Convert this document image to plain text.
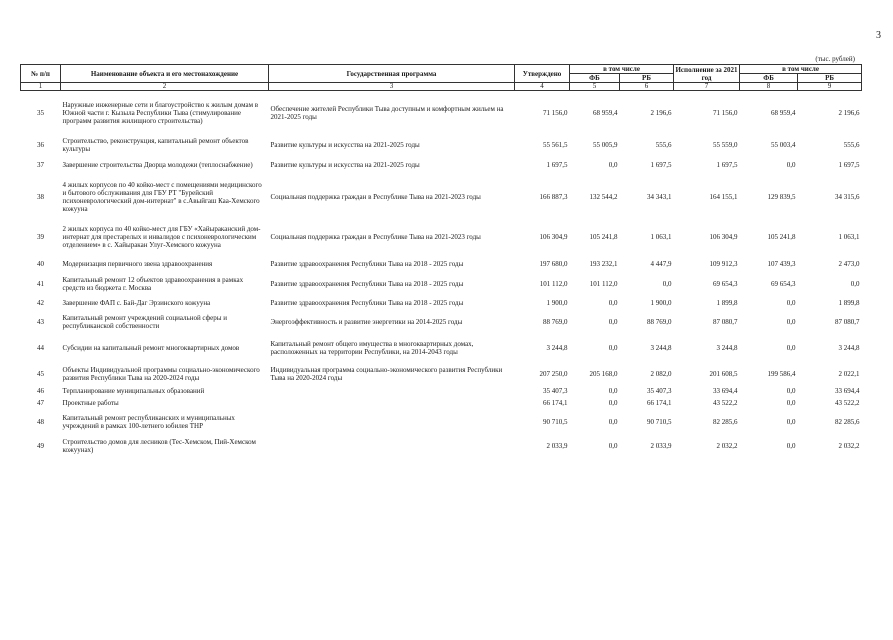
3
(тыс. рублей)
№ п/п	Наименование объекта и его местонахождение	Государственная программа	Утверждено	в том числе		Исполнение за 2021 год	в том числе	
				ФБ	РБ		ФБ	РБ
1	2	3	4	5	6	7	8	9
35	Наружные инженерные сети и благоустройство к жилым домам в Южной части г. Кызыла Республики Тыва (стимулирование программ развития жилищного строительства)	Обеспечение жителей Республики Тыва доступным и комфортным жильем на 2021-2025 годы	71 156,0	68 959,4	2 196,6	71 156,0	68 959,4	2 196,6
36	Строительство, реконструкция, капитальный ремонт объектов культуры	Развитие культуры и искусства на 2021-2025 годы	55 561,5	55 005,9	555,6	55 559,0	55 003,4	555,6
37	Завершение строительства Дворца молодежи (теплоснабжение)	Развитие культуры и искусства на 2021-2025 годы	1 697,5	0,0	1 697,5	1 697,5	0,0	1 697,5
38	4 жилых корпусов по 40 койко-мест с помещениями медицинского и бытового обслуживания для ГБУ РТ "Бурейский психоневрологический дом-интернат" в с.Авыйгаш Каа-Хемского кожууна	Социальная поддержка граждан в Республике Тыва на 2021-2023 годы	166 887,3	132 544,2	34 343,1	164 155,1	129 839,5	34 315,6
39	2 жилых корпуса по 40 койко-мест для ГБУ «Хайыраканский дом-интернат для престарелых и инвалидов с психоневрологическим отделением» в с. Хайыракан Улуг-Хемского кожууна	Социальная поддержка граждан в Республике Тыва на 2021-2023 годы	106 304,9	105 241,8	1 063,1	106 304,9	105 241,8	1 063,1
40	Модернизация первичного звена здравоохранения	Развитие здравоохранения Республики Тыва на 2018 - 2025 годы	197 680,0	193 232,1	4 447,9	109 912,3	107 439,3	2 473,0
41	Капитальный ремонт 12 объектов здравоохранения в рамках средств из бюджета г. Москва	Развитие здравоохранения Республики Тыва на 2018 - 2025 годы	101 112,0	101 112,0	0,0	69 654,3	69 654,3	0,0
42	Завершение ФАП с. Бай-Даг Эрзинского кожууна	Развитие здравоохранения Республики Тыва на 2018 - 2025 годы	1 900,0	0,0	1 900,0	1 899,8	0,0	1 899,8
43	Капитальный ремонт учреждений социальной сферы и республиканской собственности	Энергоэффективность и развитие энергетики на 2014-2025 годы	88 769,0	0,0	88 769,0	87 080,7	0,0	87 080,7
44	Субсидии на капитальный ремонт многоквартирных домов	Капитальный ремонт общего имущества в многоквартирных домах, расположенных на территории Республики, на 2014-2043 годы	3 244,8	0,0	3 244,8	3 244,8	0,0	3 244,8
45	Объекты Индивидуальной программы социально-экономического развития Республики Тыва на 2020-2024 годы	Индивидуальная программа социально-экономического развития Республики Тыва на 2020-2024 годы	207 250,0	205 168,0	2 082,0	201 608,5	199 586,4	2 022,1
46	Терпланирование муниципальных образований		35 407,3	0,0	35 407,3	33 694,4	0,0	33 694,4
47	Проектные работы		66 174,1	0,0	66 174,1	43 522,2	0,0	43 522,2
48	Капитальный ремонт республиканских и муниципальных учреждений в рамках 100-летнего юбилея ТНР		90 710,5	0,0	90 710,5	82 285,6	0,0	82 285,6
49	Строительство домов для лесников (Тес-Хемском, Пий-Хемском кожуунах)		2 033,9	0,0	2 033,9	2 032,2	0,0	2 032,2
